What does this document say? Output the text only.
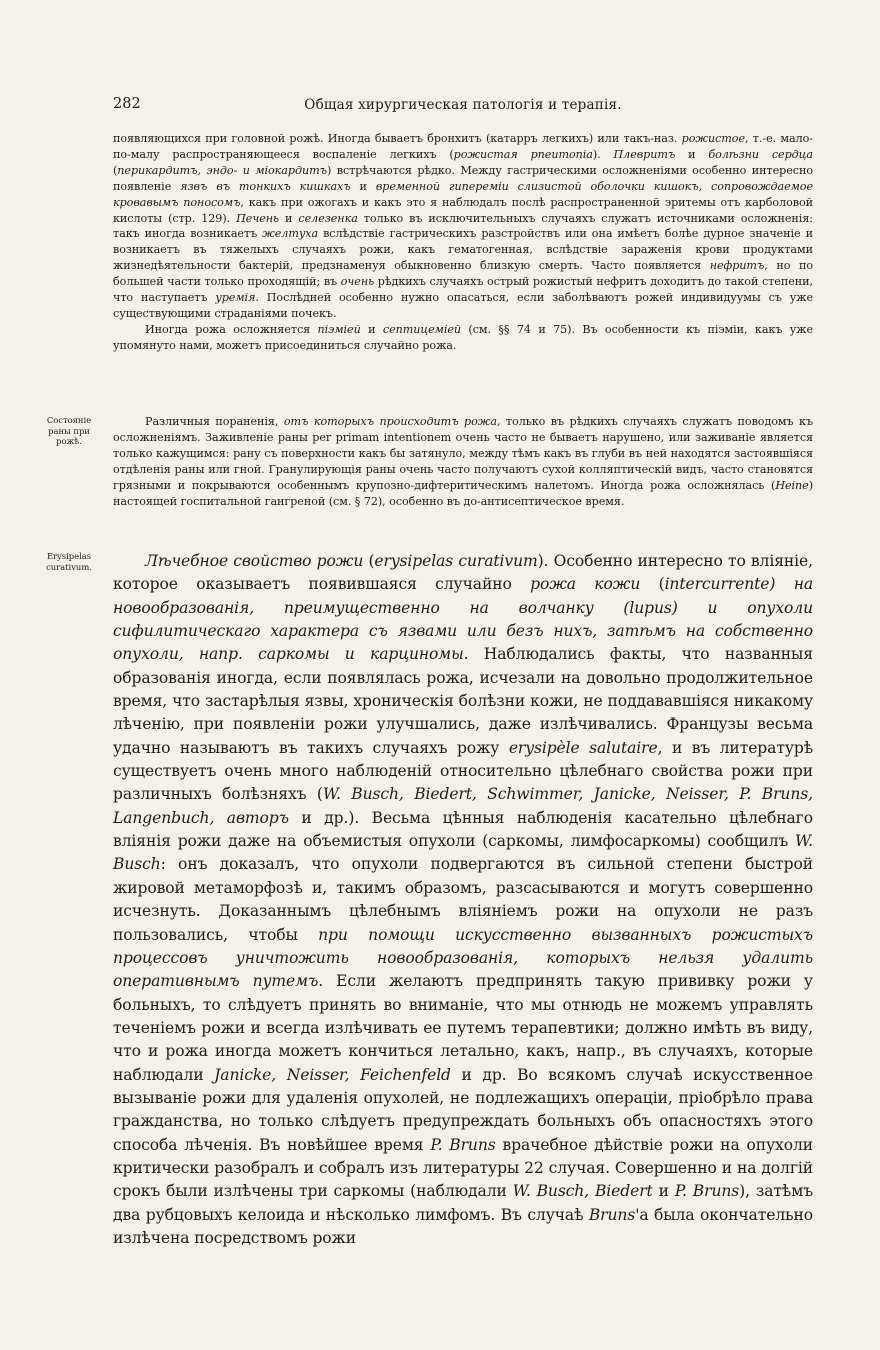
282	Общая хирургическая патологія и терапія.
Состояніе раны при рожѣ.
Erysipelas curativum.

появляющихся при головной рожѣ. Иногда бываетъ бронхитъ (катарръ легкихъ) или такъ-наз. рожистое, т.-е. мало-по-малу распространяющееся воспаленіе легкихъ (рожистая pneumonia). Плевритъ и болѣзни сердца (перикардитъ, эндо- и міокардитъ) встрѣчаются рѣдко. Между гастрическими осложненіями особенно интересно появленіе язвъ въ тонкихъ кишкахъ и временной гипереміи слизистой оболочки кишокъ, сопровождаемое кровавымъ поносомъ, какъ при ожогахъ и какъ это я наблюдалъ послѣ распространенной эритемы отъ карболовой кислоты (стр. 129). Печень и селезенка только въ исключительныхъ случаяхъ служатъ источниками осложненія: такъ иногда возникаетъ желтуха вслѣдствіе гастрическихъ разстройствъ или она имѣетъ болѣе дурное значеніе и возникаетъ въ тяжелыхъ случаяхъ рожи, какъ гематогенная, вслѣдствіе зараженія крови продуктами жизнедѣятельности бактерій, предзнаменуя обыкновенно близкую смерть. Часто появляется нефритъ, но по большей части только проходящій; въ очень рѣдкихъ случаяхъ острый рожистый нефритъ доходитъ до такой степени, что наступаетъ уремія. Послѣдней особенно нужно опасаться, если заболѣваютъ рожей индивидуумы съ уже существующими страданіями почекъ.

Иногда рожа осложняется піэміей и септицеміей (см. §§ 74 и 75). Въ особенности къ піэміи, какъ уже упомянуто нами, можетъ присоединиться случайно рожа.

Различныя пораненія, отъ которыхъ происходитъ рожа, только въ рѣдкихъ случаяхъ служатъ поводомъ къ осложненіямъ. Заживленіе раны per primam intentionem очень часто не бываетъ нарушено, или заживаніе является только кажущимся: рану съ поверхности какъ бы затянуло, между тѣмъ какъ въ глуби въ ней находятся застоявшіяся отдѣленія раны или гной. Гранулирующія раны очень часто получаютъ сухой колляптическій видъ, часто становятся грязными и покрываются особеннымъ крупозно-дифтеритическимъ налетомъ. Иногда рожа осложнялась (Heine) настоящей госпитальной гангреной (см. § 72), особенно въ до-антисептическое время.

Лѣчебное свойство рожи (erysipelas curativum). Особенно интересно то вліяніе, которое оказываетъ появившаяся случайно рожа кожи (intercurrente) на новообразованія, преимущественно на волчанку (lupus) и опухоли сифилитическаго характера съ язвами или безъ нихъ, затѣмъ на собственно опухоли, напр. саркомы и карциномы. Наблюдались факты, что названныя образованія иногда, если появлялась рожа, исчезали на довольно продолжительное время, что застарѣлыя язвы, хроническія болѣзни кожи, не поддававшіяся никакому лѣченію, при появленіи рожи улучшались, даже излѣчивались. Французы весьма удачно называютъ въ такихъ случаяхъ рожу erysipèle salutaire, и въ литературѣ существуетъ очень много наблюденій относительно цѣлебнаго свойства рожи при различныхъ болѣзняхъ (W. Busch, Biedert, Schwimmer, Janicke, Neisser, P. Bruns, Langenbuch, авторъ и др.). Весьма цѣнныя наблюденія касательно цѣлебнаго вліянія рожи даже на объемистыя опухоли (саркомы, лимфосаркомы) сообщилъ W. Busch: онъ доказалъ, что опухоли подвергаются въ сильной степени быстрой жировой метаморфозѣ и, такимъ образомъ, разсасываются и могутъ совершенно исчезнуть. Доказаннымъ цѣлебнымъ вліяніемъ рожи на опухоли не разъ пользовались, чтобы при помощи искусственно вызванныхъ рожистыхъ процессовъ уничтожить новообразованія, которыхъ нельзя удалить оперативнымъ путемъ. Если желаютъ предпринять такую прививку рожи у больныхъ, то слѣдуетъ принять во вниманіе, что мы отнюдь не можемъ управлять теченіемъ рожи и всегда излѣчивать ее путемъ терапевтики; должно имѣть въ виду, что и рожа иногда можетъ кончиться летально, какъ, напр., въ случаяхъ, которые наблюдали Janicke, Neisser, Feichenfeld и др. Во всякомъ случаѣ искусственное вызываніе рожи для удаленія опухолей, не подлежащихъ операціи, пріобрѣло права гражданства, но только слѣдуетъ предупреждать больныхъ объ опасностяхъ этого способа лѣченія. Въ новѣйшее время P. Bruns врачебное дѣйствіе рожи на опухоли критически разобралъ и собралъ изъ литературы 22 случая. Совершенно и на долгій срокъ были излѣчены три саркомы (наблюдали W. Busch, Biedert и P. Bruns), затѣмъ два рубцовыхъ келоида и нѣсколько лимфомъ. Въ случаѣ Bruns'а была окончательно излѣчена посредствомъ рожи
